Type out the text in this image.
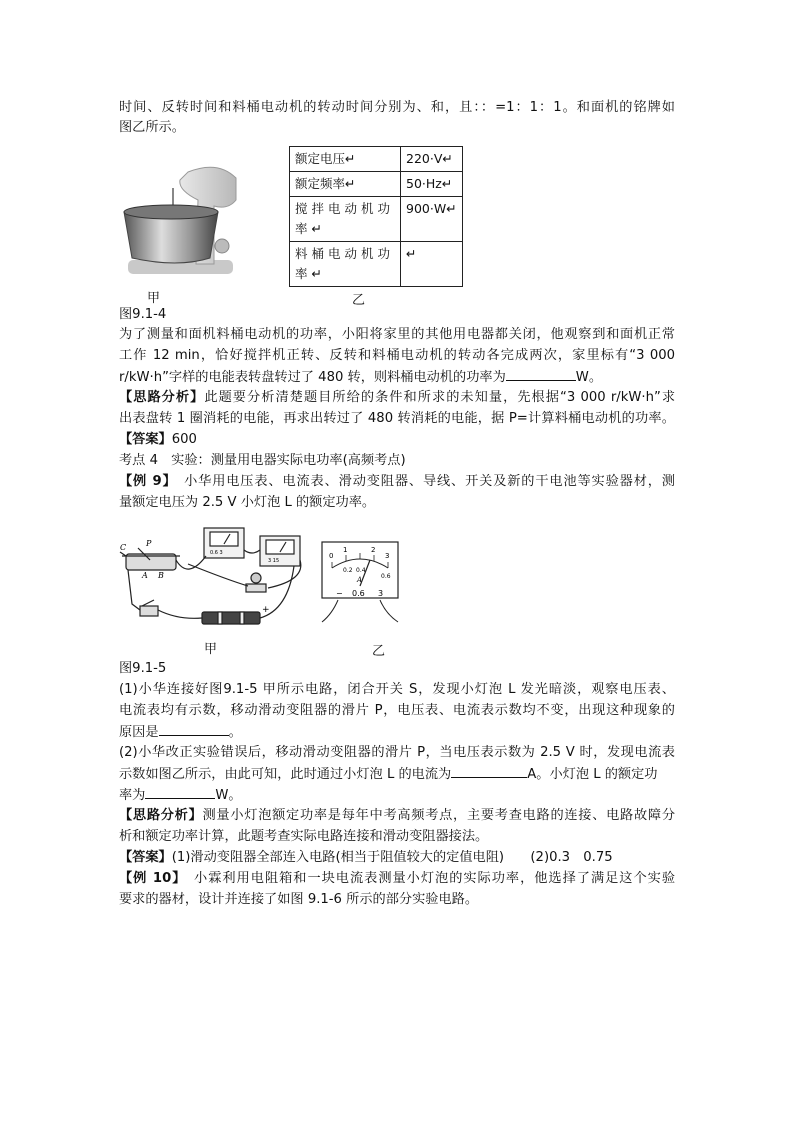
时间、反转时间和料桶电动机的转动时间分别为、和，且：：=1：1：1。和面机的铭牌如
图乙所示。
额定电压↵	220·V↵
额定频率↵	50·Hz↵
搅拌电动机功率↵	900·W↵
料桶电动机功率↵	↵
甲	乙
图9.1-4
为了测量和面机料桶电动机的功率，小阳将家里的其他用电器都关闭，他观察到和面机正常
工作 12 min，恰好搅拌机正转、反转和料桶电动机的转动各完成两次，家里标有“3 000
r/kW·h”字样的电能表转盘转过了 480 转，则料桶电动机的功率为	W。
【思路分析】此题要分析清楚题目所给的条件和所求的未知量，先根据“3 000 r/kW·h”求
出表盘转 1 圈消耗的电能，再求出转过了 480 转消耗的电能，据 P=计算料桶电动机的功率。
【答案】600
考点 4　实验：测量用电器实际电功率(高频考点)
【例 9】　小华用电压表、电流表、滑动变阻器、导线、开关及新的干电池等实验器材，测
量额定电压为 2.5 V 小灯泡 L 的额定功率。
C P
A B
+
0.6 3
3 15
0
1	2
3
0.2 0.4
0.6
A
− 0.6 3
甲	乙
图9.1-5
(1)小华连接好图9.1-5 甲所示电路，闭合开关 S，发现小灯泡 L 发光暗淡，观察电压表、
电流表均有示数，移动滑动变阻器的滑片 P，电压表、电流表示数均不变，出现这种现象的
原因是	。
(2)小华改正实验错误后，移动滑动变阻器的滑片 P，当电压表示数为 2.5 V 时，发现电流表
示数如图乙所示，由此可知，此时通过小灯泡 L 的电流为	A。小灯泡 L 的额定功
率为	W。
【思路分析】测量小灯泡额定功率是每年中考高频考点，主要考查电路的连接、电路故障分
析和额定功率计算，此题考查实际电路连接和滑动变阻器接法。
【答案】(1)滑动变阻器全部连入电路(相当于阻值较大的定值电阻)　　(2)0.3　0.75
【例 10】　小霖利用电阻箱和一块电流表测量小灯泡的实际功率，他选择了满足这个实验
要求的器材，设计并连接了如图 9.1-6 所示的部分实验电路。
